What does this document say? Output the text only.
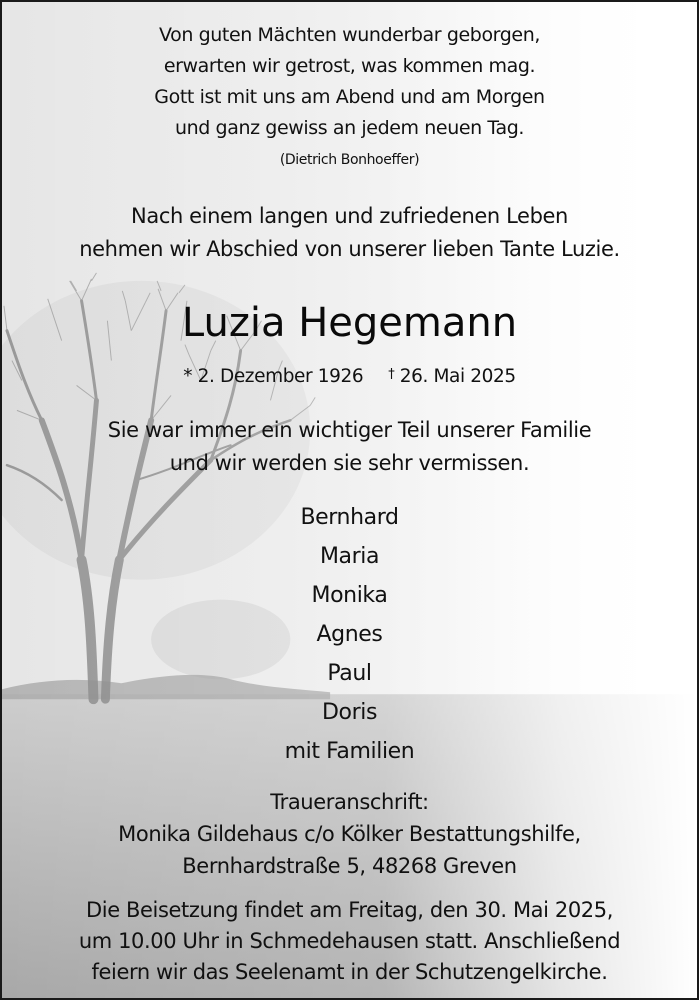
Von guten Mächten wunderbar geborgen,
erwarten wir getrost, was kommen mag.
Gott ist mit uns am Abend und am Morgen
und ganz gewiss an jedem neuen Tag.
(Dietrich Bonhoeffer)
Nach einem langen und zufriedenen Leben
nehmen wir Abschied von unserer lieben Tante Luzie.
Luzia Hegemann
* 2. Dezember 1926 † 26. Mai 2025
Sie war immer ein wichtiger Teil unserer Familie
und wir werden sie sehr vermissen.
Bernhard
Maria
Monika
Agnes
Paul
Doris
mit Familien
Traueranschrift:
Monika Gildehaus c/o Kölker Bestattungshilfe,
Bernhardstraße 5, 48268 Greven
Die Beisetzung findet am Freitag, den 30. Mai 2025,
um 10.00 Uhr in Schmedehausen statt. Anschließend
feiern wir das Seelenamt in der Schutzengelkirche.
